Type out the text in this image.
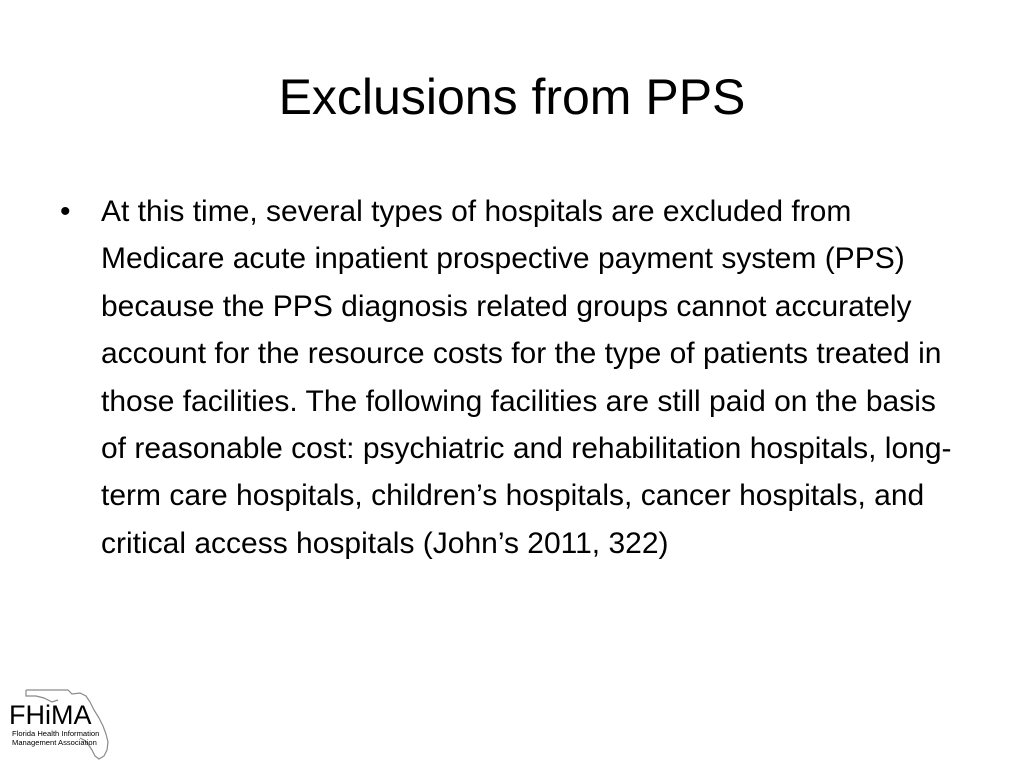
Exclusions from PPS
• At this time, several types of hospitals are excluded from Medicare acute inpatient prospective payment system (PPS) because the PPS diagnosis related groups cannot accurately account for the resource costs for the type of patients treated in those facilities. The following facilities are still paid on the basis of reasonable cost: psychiatric and rehabilitation hospitals, long-term care hospitals, children’s hospitals, cancer hospitals, and critical access hospitals (John’s 2011, 322)
FHiMA
Florida Health Information
Management Association
